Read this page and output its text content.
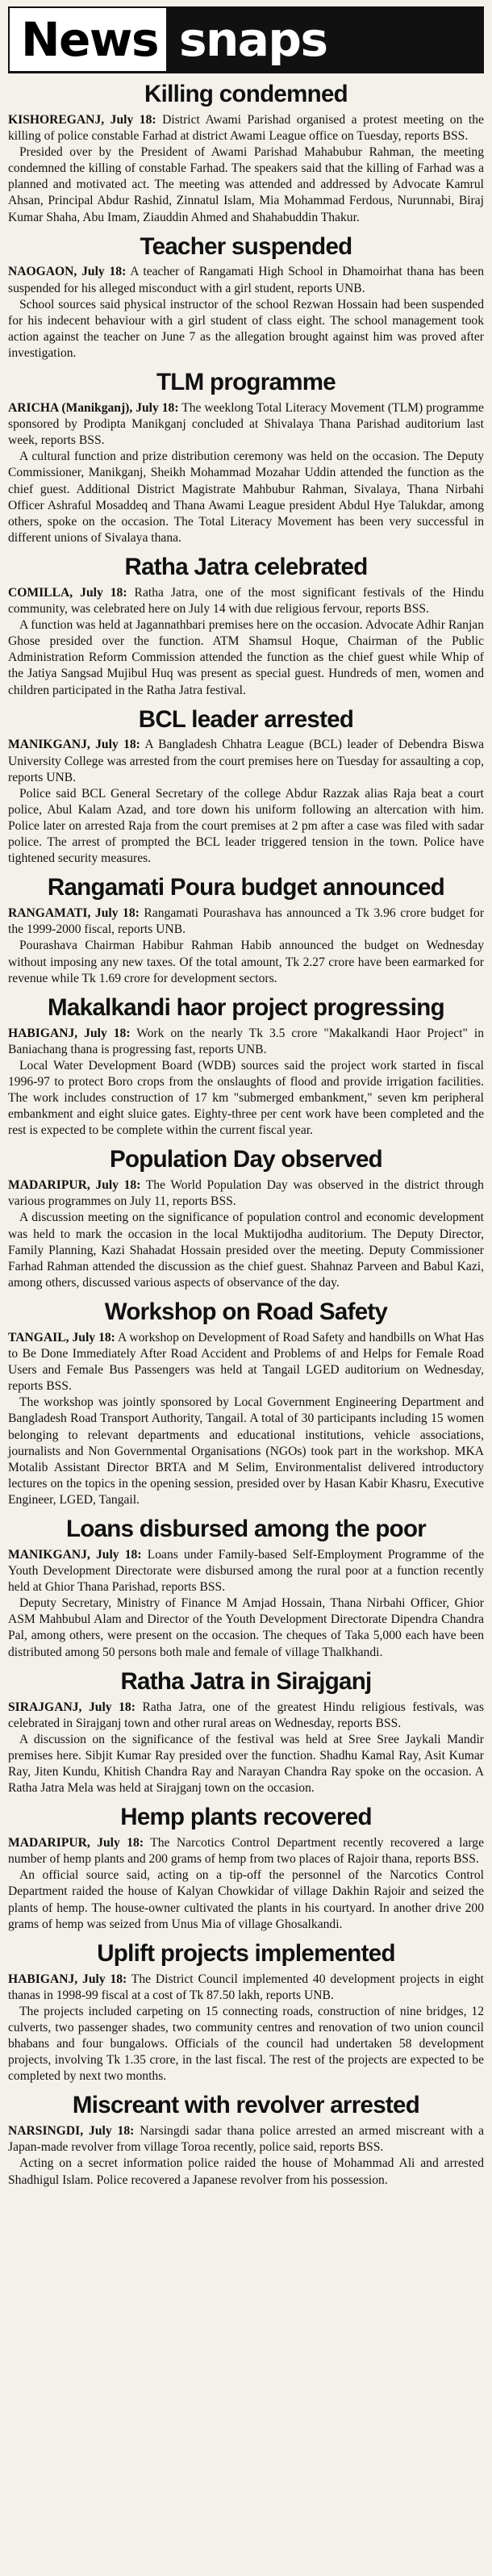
News snaps
Killing condemned

KISHOREGANJ, July 18: District Awami Parishad organised a protest meeting on the killing of police constable Farhad at district Awami League office on Tuesday, reports BSS.

Presided over by the President of Awami Parishad Mahabubur Rahman, the meeting condemned the killing of constable Farhad. The speakers said that the killing of Farhad was a planned and motivated act. The meeting was attended and addressed by Advocate Kamrul Ahsan, Principal Abdur Rashid, Zinnatul Islam, Mia Mohammad Ferdous, Nurunnabi, Biraj Kumar Shaha, Abu Imam, Ziauddin Ahmed and Shahabuddin Thakur.

Teacher suspended

NAOGAON, July 18: A teacher of Rangamati High School in Dhamoirhat thana has been suspended for his alleged misconduct with a girl student, reports UNB.

School sources said physical instructor of the school Rezwan Hossain had been suspended for his indecent behaviour with a girl student of class eight. The school management took action against the teacher on June 7 as the allegation brought against him was proved after investigation.

TLM programme

ARICHA (Manikganj), July 18: The weeklong Total Literacy Movement (TLM) programme sponsored by Prodipta Manikganj concluded at Shivalaya Thana Parishad auditorium last week, reports BSS.

A cultural function and prize distribution ceremony was held on the occasion. The Deputy Commissioner, Manikganj, Sheikh Mohammad Mozahar Uddin attended the function as the chief guest. Additional District Magistrate Mahbubur Rahman, Sivalaya, Thana Nirbahi Officer Ashraful Mosaddeq and Thana Awami League president Abdul Hye Talukdar, among others, spoke on the occasion. The Total Literacy Movement has been very successful in different unions of Sivalaya thana.

Ratha Jatra celebrated

COMILLA, July 18: Ratha Jatra, one of the most significant festivals of the Hindu community, was celebrated here on July 14 with due religious fervour, reports BSS.

A function was held at Jagannathbari premises here on the occasion. Advocate Adhir Ranjan Ghose presided over the function. ATM Shamsul Hoque, Chairman of the Public Administration Reform Commission attended the function as the chief guest while Whip of the Jatiya Sangsad Mujibul Huq was present as special guest. Hundreds of men, women and children participated in the Ratha Jatra festival.

BCL leader arrested

MANIKGANJ, July 18: A Bangladesh Chhatra League (BCL) leader of Debendra Biswa University College was arrested from the court premises here on Tuesday for assaulting a cop, reports UNB.

Police said BCL General Secretary of the college Abdur Razzak alias Raja beat a court police, Abul Kalam Azad, and tore down his uniform following an altercation with him. Police later on arrested Raja from the court premises at 2 pm after a case was filed with sadar police. The arrest of prompted the BCL leader triggered tension in the town. Police have tightened security measures.

Rangamati Poura budget announced

RANGAMATI, July 18: Rangamati Pourashava has announced a Tk 3.96 crore budget for the 1999-2000 fiscal, reports UNB.

Pourashava Chairman Habibur Rahman Habib announced the budget on Wednesday without imposing any new taxes. Of the total amount, Tk 2.27 crore have been earmarked for revenue while Tk 1.69 crore for development sectors.

Makalkandi haor project progressing

HABIGANJ, July 18: Work on the nearly Tk 3.5 crore "Makalkandi Haor Project" in Baniachang thana is progressing fast, reports UNB.

Local Water Development Board (WDB) sources said the project work started in fiscal 1996-97 to protect Boro crops from the onslaughts of flood and provide irrigation facilities. The work includes construction of 17 km "submerged embankment," seven km peripheral embankment and eight sluice gates. Eighty-three per cent work have been completed and the rest is expected to be complete within the current fiscal year.

Population Day observed

MADARIPUR, July 18: The World Population Day was observed in the district through various programmes on July 11, reports BSS.

A discussion meeting on the significance of population control and economic development was held to mark the occasion in the local Muktijodha auditorium. The Deputy Director, Family Planning, Kazi Shahadat Hossain presided over the meeting. Deputy Commissioner Farhad Rahman attended the discussion as the chief guest. Shahnaz Parveen and Babul Kazi, among others, discussed various aspects of observance of the day.

Workshop on Road Safety

TANGAIL, July 18: A workshop on Development of Road Safety and handbills on What Has to Be Done Immediately After Road Accident and Problems of and Helps for Female Road Users and Female Bus Passengers was held at Tangail LGED auditorium on Wednesday, reports BSS.

The workshop was jointly sponsored by Local Government Engineering Department and Bangladesh Road Transport Authority, Tangail. A total of 30 participants including 15 women belonging to relevant departments and educational institutions, vehicle associations, journalists and Non Governmental Organisations (NGOs) took part in the workshop. MKA Motalib Assistant Director BRTA and M Selim, Environmentalist delivered introductory lectures on the topics in the opening session, presided over by Hasan Kabir Khasru, Executive Engineer, LGED, Tangail.

Loans disbursed among the poor

MANIKGANJ, July 18: Loans under Family-based Self-Employment Programme of the Youth Development Directorate were disbursed among the rural poor at a function recently held at Ghior Thana Parishad, reports BSS.

Deputy Secretary, Ministry of Finance M Amjad Hossain, Thana Nirbahi Officer, Ghior ASM Mahbubul Alam and Director of the Youth Development Directorate Dipendra Chandra Pal, among others, were present on the occasion. The cheques of Taka 5,000 each have been distributed among 50 persons both male and female of village Thalkhandi.

Ratha Jatra in Sirajganj

SIRAJGANJ, July 18: Ratha Jatra, one of the greatest Hindu religious festivals, was celebrated in Sirajganj town and other rural areas on Wednesday, reports BSS.

A discussion on the significance of the festival was held at Sree Sree Jaykali Mandir premises here. Sibjit Kumar Ray presided over the function. Shadhu Kamal Ray, Asit Kumar Ray, Jiten Kundu, Khitish Chandra Ray and Narayan Chandra Ray spoke on the occasion. A Ratha Jatra Mela was held at Sirajganj town on the occasion.

Hemp plants recovered

MADARIPUR, July 18: The Narcotics Control Department recently recovered a large number of hemp plants and 200 grams of hemp from two places of Rajoir thana, reports BSS.

An official source said, acting on a tip-off the personnel of the Narcotics Control Department raided the house of Kalyan Chowkidar of village Dakhin Rajoir and seized the plants of hemp. The house-owner cultivated the plants in his courtyard. In another drive 200 grams of hemp was seized from Unus Mia of village Ghosalkandi.

Uplift projects implemented

HABIGANJ, July 18: The District Council implemented 40 development projects in eight thanas in 1998-99 fiscal at a cost of Tk 87.50 lakh, reports UNB.

The projects included carpeting on 15 connecting roads, construction of nine bridges, 12 culverts, two passenger shades, two community centres and renovation of two union council bhabans and four bungalows. Officials of the council had undertaken 58 development projects, involving Tk 1.35 crore, in the last fiscal. The rest of the projects are expected to be completed by next two months.

Miscreant with revolver arrested

NARSINGDI, July 18: Narsingdi sadar thana police arrested an armed miscreant with a Japan-made revolver from village Toroa recently, police said, reports BSS.

Acting on a secret information police raided the house of Mohammad Ali and arrested Shadhigul Islam. Police recovered a Japanese revolver from his possession.
